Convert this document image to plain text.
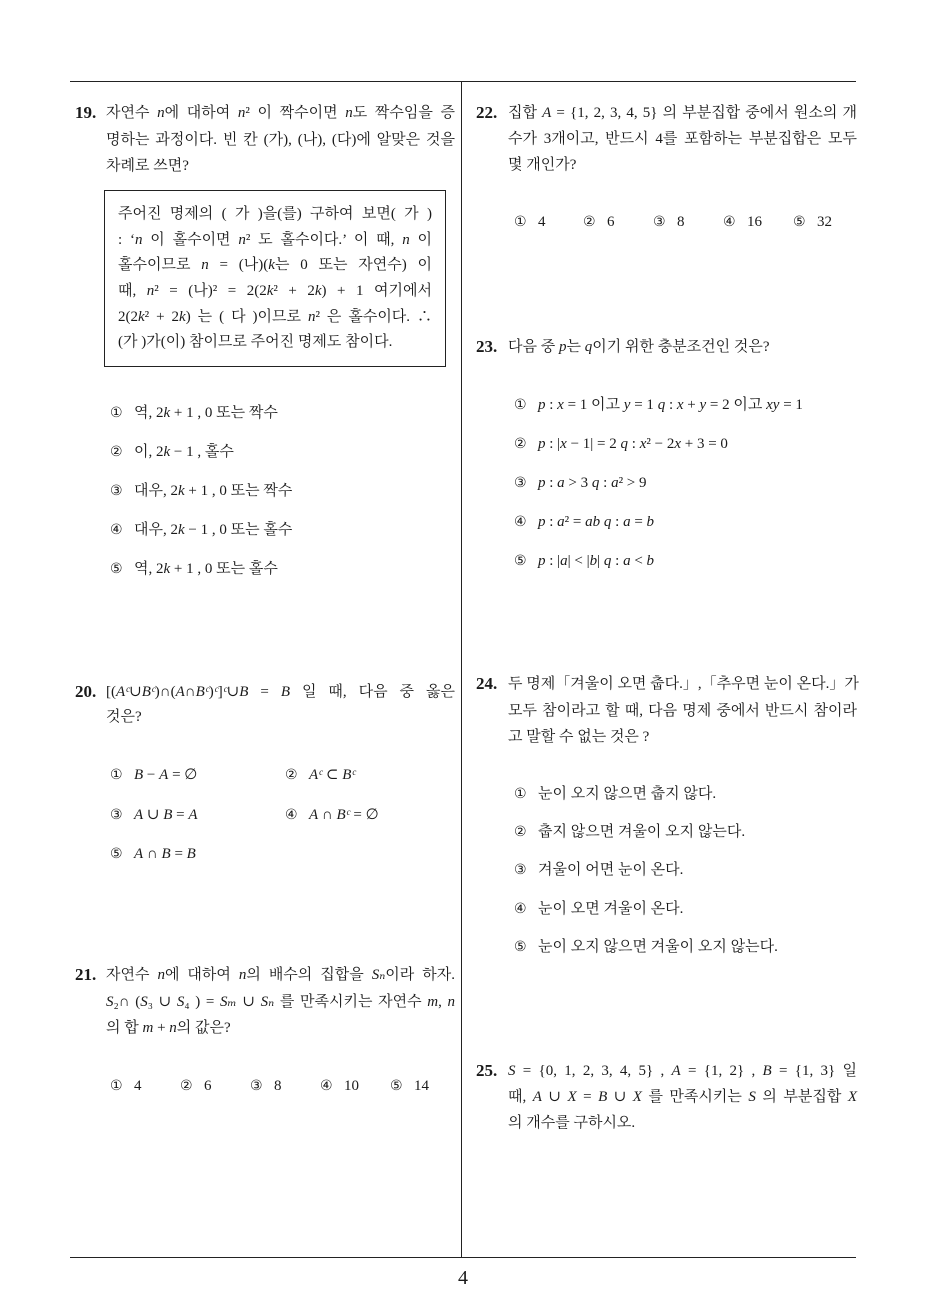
19. 자연수 n에 대하여 n² 이 짝수이면 n도 짝수임을 증
명하는 과정이다. 빈 칸 (가), (나), (다)에 알맞은 것을
차례로 쓰면?
주어진 명제의 ( 가 )을(를) 구하여 보면( 가 )
: ‘n 이 홀수이면 n² 도 홀수이다.’ 이 때, n 이
홀수이므로 n = (나)(k는 0 또는 자연수) 이
때, n² = (나)² = 2(2k² + 2k) + 1 여기에서
2(2k² + 2k) 는 ( 다 )이므로 n² 은 홀수이다. ∴
(가 )가(이) 참이므로 주어진 명제도 참이다.
① 역, 2k + 1 , 0 또는 짝수
② 이, 2k − 1 , 홀수
③ 대우, 2k + 1 , 0 또는 짝수
④ 대우, 2k − 1 , 0 또는 홀수
⑤ 역, 2k + 1 , 0 또는 홀수
20. [(Aᶜ∪Bᶜ)∩(A∩Bᶜ)ᶜ]ᶜ∪B = B 일 때, 다음 중 옳은
것은?
① B − A = ∅	② Aᶜ ⊂ Bᶜ
③ A ∪ B = A	④ A ∩ Bᶜ = ∅
⑤ A ∩ B = B
21. 자연수 n에 대하여 n의 배수의 집합을 Sₙ이라 하자.
S₂∩ (S₃ ∪ S₄ ) = Sₘ ∪ Sₙ 를 만족시키는 자연수 m, n
의 합 m + n의 값은?
① 4	② 6	③ 8	④ 10 ⑤ 14
22. 집합 A = {1, 2, 3, 4, 5} 의 부분집합 중에서 원소의 개
수가 3개이고, 반드시 4를 포함하는 부분집합은 모두
몇 개인가?
① 4	② 6	③ 8	④ 16 ⑤ 32
23. 다음 중 p는 q이기 위한 충분조건인 것은?
① p : x = 1 이고 y = 1 q : x + y = 2 이고 xy = 1
② p : |x − 1| = 2 q : x² − 2x + 3 = 0
③ p : a > 3 q : a² > 9
④ p : a² = ab q : a = b
⑤ p : |a| < |b| q : a < b
24. 두 명제「겨울이 오면 춥다.」,「추우면 눈이 온다.」가
모두 참이라고 할 때, 다음 명제 중에서 반드시 참이라
고 말할 수 없는 것은 ?
① 눈이 오지 않으면 춥지 않다.
② 춥지 않으면 겨울이 오지 않는다.
③ 겨울이 어면 눈이 온다.
④ 눈이 오면 겨울이 온다.
⑤ 눈이 오지 않으면 겨울이 오지 않는다.
25. S = {0, 1, 2, 3, 4, 5} , A = {1, 2} , B = {1, 3} 일
때, A ∪ X = B ∪ X 를 만족시키는 S 의 부분집합 X
의 개수를 구하시오.
4
